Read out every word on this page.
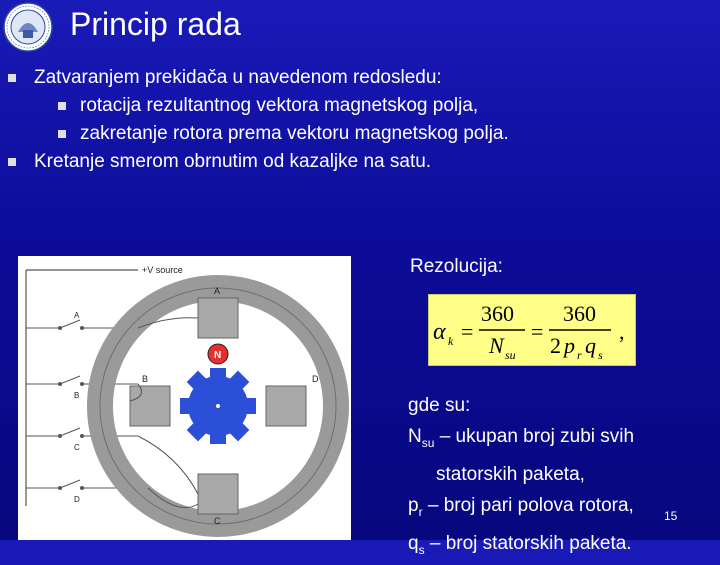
Princip rada
Zatvaranjem prekidača u navedenom redosledu:
rotacija rezultantnog vektora magnetskog polja,
zakretanje rotora prema vektoru magnetskog polja.
Kretanje smerom obrnutim od kazaljke na satu.
+V source
A
B
C
D
N
A
B
C
D
Rezolucija:
α k =
360
N su
=
360
2 p r q s
,
gde su:
$N_{su}$ – ukupan broj zubi svih
statorskih paketa,
$p_r$ – broj pari polova rotora,
$q_s$ – broj statorskih paketa.
15
